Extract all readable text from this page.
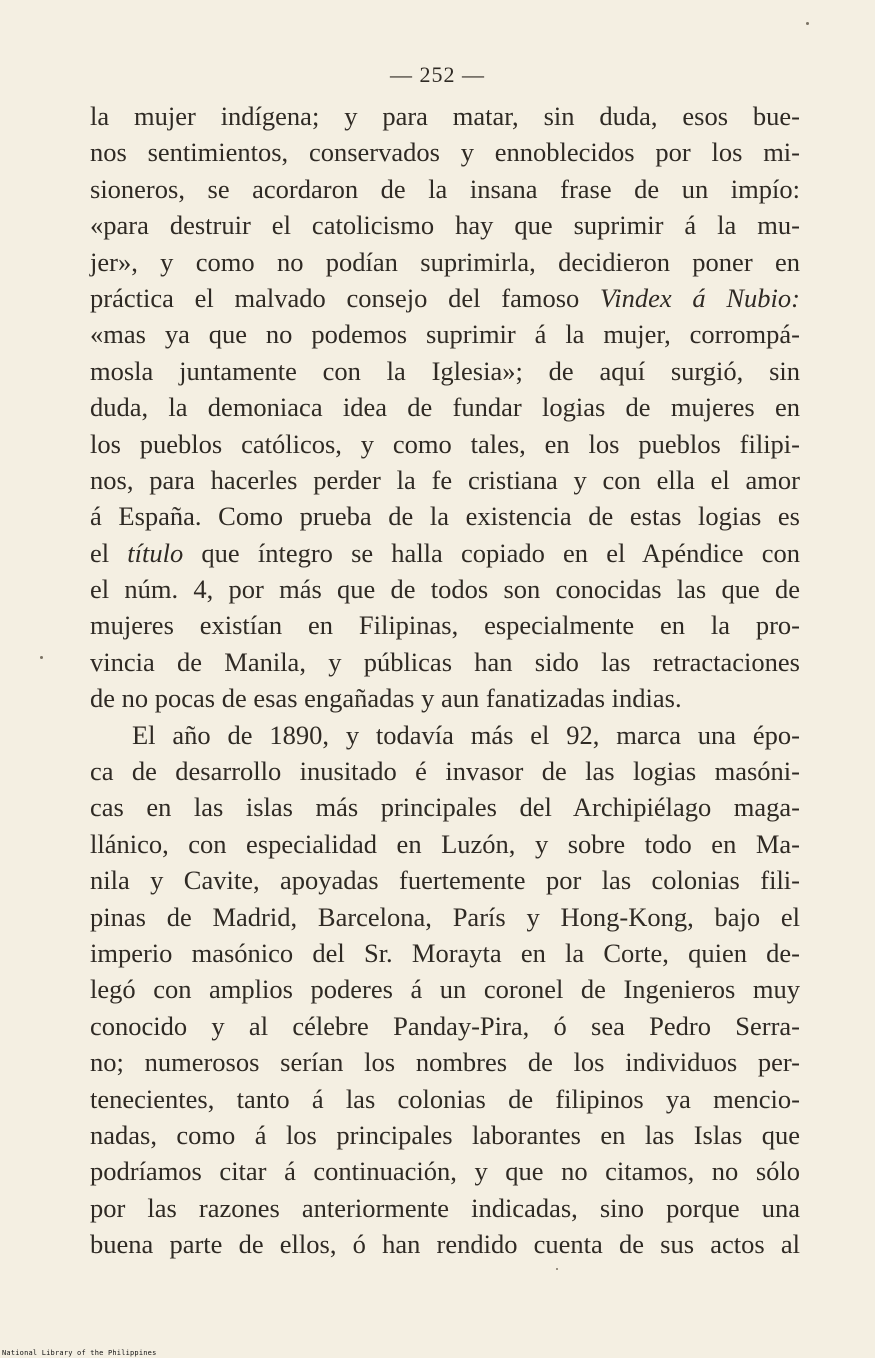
— 252 —
la mujer indígena; y para matar, sin duda, esos bue-
nos sentimientos, conservados y ennoblecidos por los mi-
sioneros, se acordaron de la insana frase de un impío:
«para destruir el catolicismo hay que suprimir á la mu-
jer», y como no podían suprimirla, decidieron poner en
práctica el malvado consejo del famoso Vindex á Nubio:
«mas ya que no podemos suprimir á la mujer, corrompá-
mosla juntamente con la Iglesia»; de aquí surgió, sin
duda, la demoniaca idea de fundar logias de mujeres en
los pueblos católicos, y como tales, en los pueblos filipi-
nos, para hacerles perder la fe cristiana y con ella el amor
á España. Como prueba de la existencia de estas logias es
el título que íntegro se halla copiado en el Apéndice con
el núm. 4, por más que de todos son conocidas las que de
mujeres existían en Filipinas, especialmente en la pro-
vincia de Manila, y públicas han sido las retractaciones
de no pocas de esas engañadas y aun fanatizadas indias.
El año de 1890, y todavía más el 92, marca una épo-
ca de desarrollo inusitado é invasor de las logias masóni-
cas en las islas más principales del Archipiélago maga-
llánico, con especialidad en Luzón, y sobre todo en Ma-
nila y Cavite, apoyadas fuertemente por las colonias fili-
pinas de Madrid, Barcelona, París y Hong-Kong, bajo el
imperio masónico del Sr. Morayta en la Corte, quien de-
legó con amplios poderes á un coronel de Ingenieros muy
conocido y al célebre Panday-Pira, ó sea Pedro Serra-
no; numerosos serían los nombres de los individuos per-
tenecientes, tanto á las colonias de filipinos ya mencio-
nadas, como á los principales laborantes en las Islas que
podríamos citar á continuación, y que no citamos, no sólo
por las razones anteriormente indicadas, sino porque una
buena parte de ellos, ó han rendido cuenta de sus actos al
National Library of the Philippines
